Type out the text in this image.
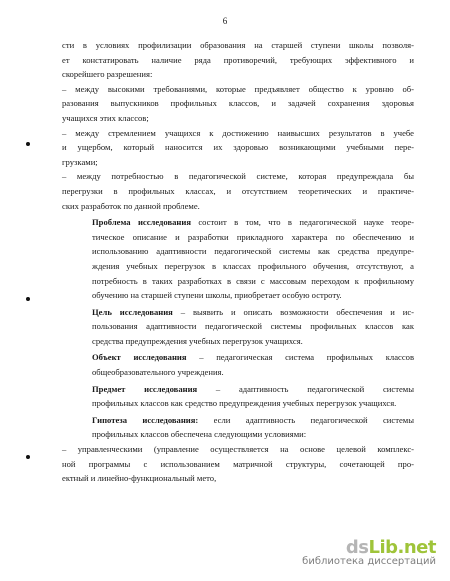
6

сти в условиях профилизации образования на старшей ступени школы позволя-
ет констатировать наличие ряда противоречий, требующих эффективного и
скорейшего разрешения:

– между высокими требованиями, которые предъявляет общество к уровню об-
разования выпускников профильных классов, и задачей сохранения здоровья
учащихся этих классов;

– между стремлением учащихся к достижению наивысших результатов в учебе
и ущербом, который наносится их здоровью возникающими учебными пере-
грузками;

– между потребностью в педагогической системе, которая предупреждала бы
перегрузки в профильных классах, и отсутствием теоретических и практиче-
ских разработок по данной проблеме.

Проблема исследования состоит в том, что в педагогической науке теоре-
тическое описание и разработки прикладного характера по обеспечению и
использованию адаптивности педагогической системы как средства предупре-
ждения учебных перегрузок в классах профильного обучения, отсутствуют, а
потребность в таких разработках в связи с массовым переходом к профильному
обучению на старшей ступени школы, приобретает особую остроту.

Цель исследования – выявить и описать возможности обеспечения и ис-
пользования адаптивности педагогической системы профильных классов как
средства предупреждения учебных перегрузок учащихся.

Объект исследования – педагогическая система профильных классов
общеобразовательного учреждения.

Предмет исследования – адаптивность педагогической системы
профильных классов как средство предупреждения учебных перегрузок учащихся.

Гипотеза исследования: если адаптивность педагогической системы
профильных классов обеспечена следующими условиями:

– управленческими (управление осуществляется на основе целевой комплекс-
ной программы с использованием матричной структуры, сочетающей про-
ектный и линейно-функциональный мето,

dsLib.net
библиотека диссертаций
